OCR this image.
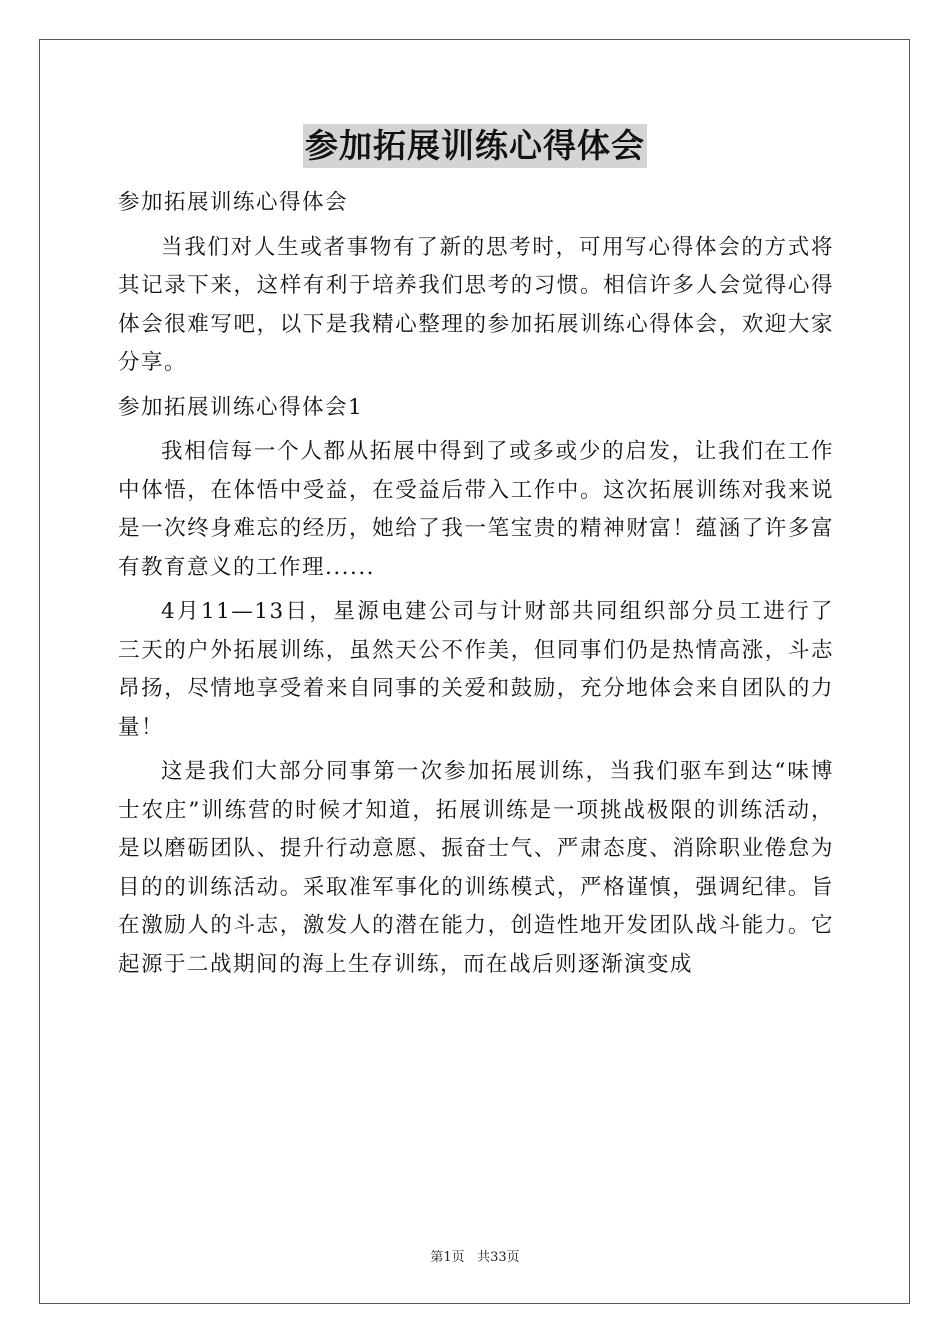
参加拓展训练心得体会

参加拓展训练心得体会

当我们对人生或者事物有了新的思考时，可用写心得体会的方式将其记录下来，这样有利于培养我们思考的习惯。相信许多人会觉得心得体会很难写吧，以下是我精心整理的参加拓展训练心得体会，欢迎大家分享。

参加拓展训练心得体会1

我相信每一个人都从拓展中得到了或多或少的启发，让我们在工作中体悟，在体悟中受益，在受益后带入工作中。这次拓展训练对我来说是一次终身难忘的经历，她给了我一笔宝贵的精神财富！蕴涵了许多富有教育意义的工作理......

4月11—13日，星源电建公司与计财部共同组织部分员工进行了三天的户外拓展训练，虽然天公不作美，但同事们仍是热情高涨，斗志昂扬，尽情地享受着来自同事的关爱和鼓励，充分地体会来自团队的力量！

这是我们大部分同事第一次参加拓展训练，当我们驱车到达“味博士农庄”训练营的时候才知道，拓展训练是一项挑战极限的训练活动，是以磨砺团队、提升行动意愿、振奋士气、严肃态度、消除职业倦怠为目的的训练活动。采取准军事化的训练模式，严格谨慎，强调纪律。旨在激励人的斗志，激发人的潜在能力，创造性地开发团队战斗能力。它起源于二战期间的海上生存训练，而在战后则逐渐演变成

第1页 共33页
